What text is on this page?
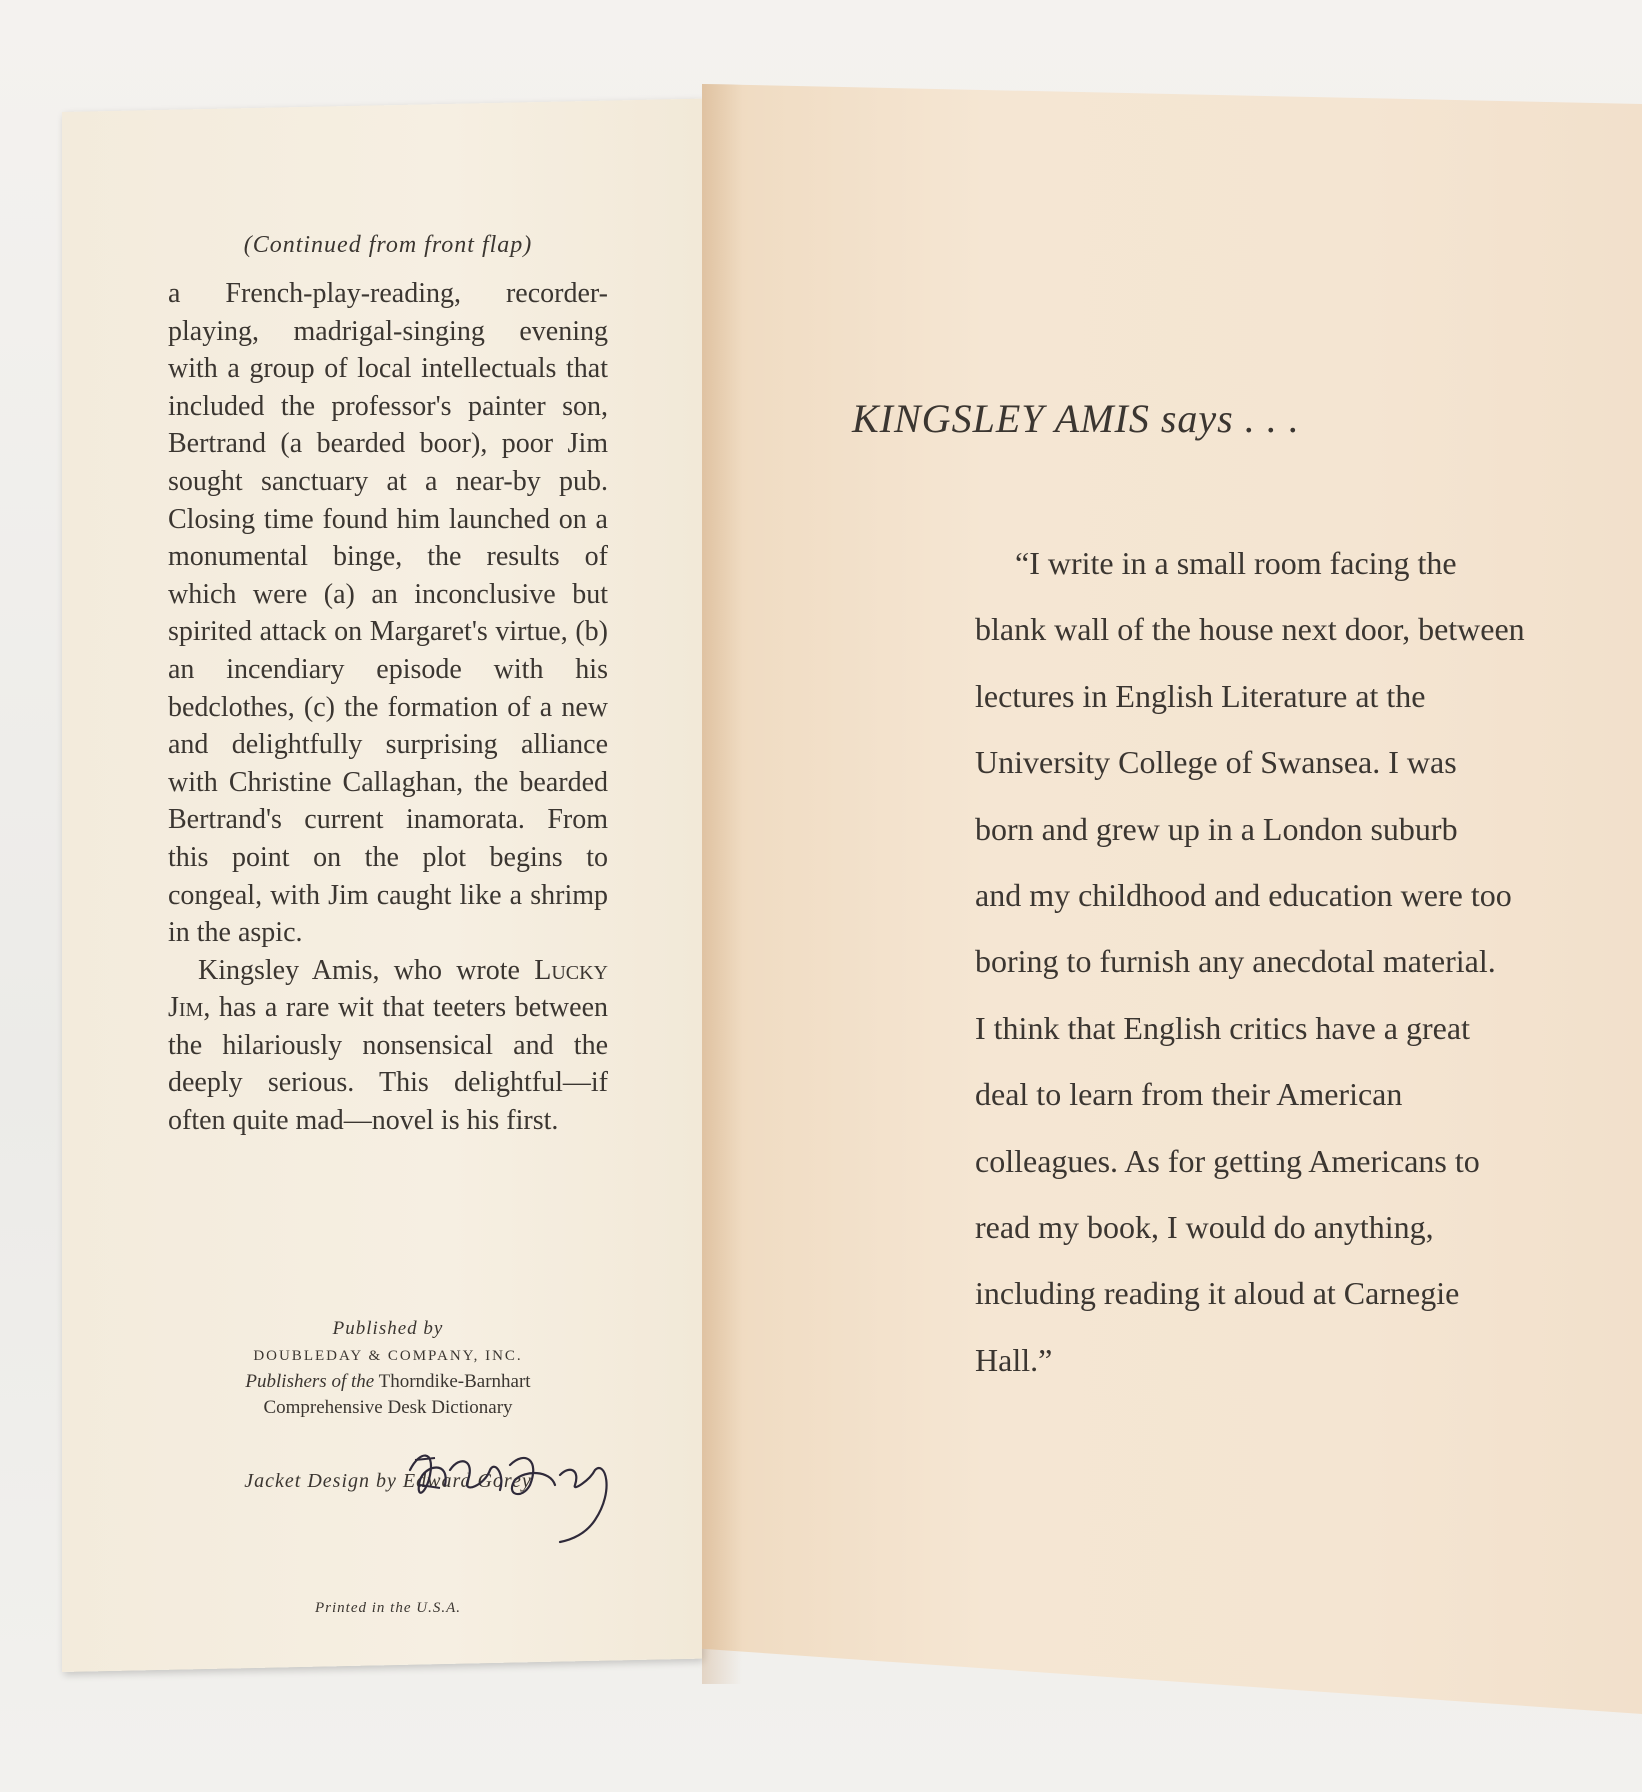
(Continued from front flap)

a French-play-reading, recorder-playing, madrigal-singing evening with a group of local intellectuals that included the professor's painter son, Bertrand (a bearded boor), poor Jim sought sanctuary at a near-by pub. Closing time found him launched on a monumental binge, the results of which were (a) an inconclusive but spirited attack on Margaret's virtue, (b) an incendiary episode with his bedclothes, (c) the formation of a new and delightfully surprising alliance with Christine Callaghan, the bearded Bertrand's current inamorata. From this point on the plot begins to congeal, with Jim caught like a shrimp in the aspic.

Kingsley Amis, who wrote Lucky Jim, has a rare wit that teeters between the hilariously nonsensical and the deeply serious. This delightful—if often quite mad—novel is his first.

Published by

DOUBLEDAY & COMPANY, INC.

Publishers of the Thorndike-Barnhart

Comprehensive Desk Dictionary

Jacket Design by Edward Gorey
Printed in the U.S.A.
KINGSLEY AMIS says . . .

“I write in a small room facing the
blank wall of the house next door, between
lectures in English Literature at the
University College of Swansea. I was
born and grew up in a London suburb
and my childhood and education were too
boring to furnish any anecdotal material.
I think that English critics have a great
deal to learn from their American
colleagues. As for getting Americans to
read my book, I would do anything,
including reading it aloud at Carnegie
Hall.”
